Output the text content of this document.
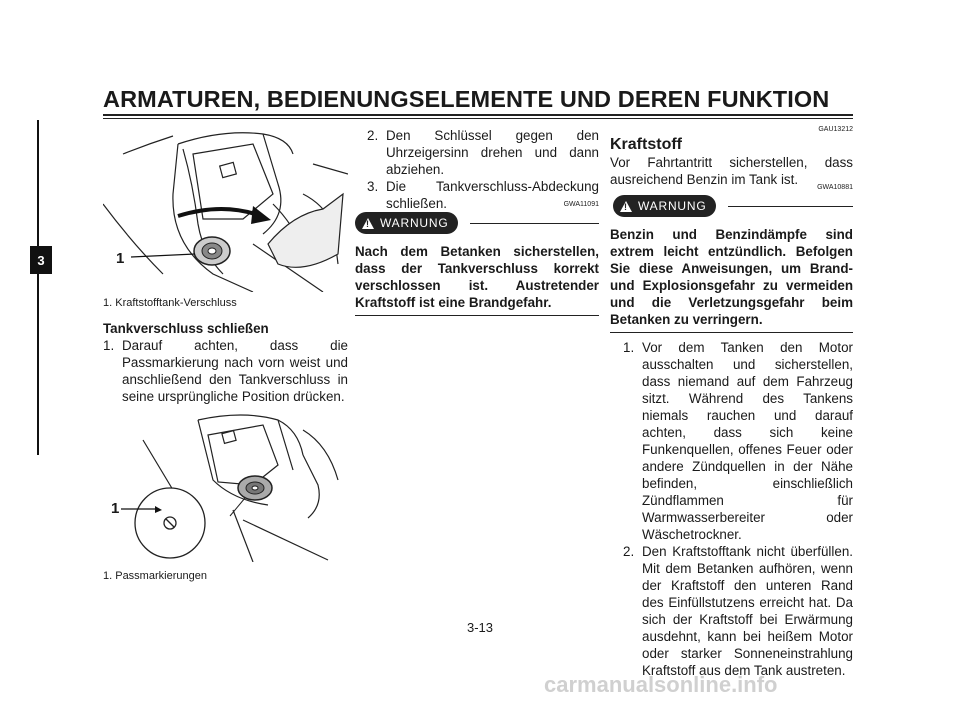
ARMATUREN, BEDIENUNGSELEMENTE UND DEREN FUNKTION
3	1
1. Kraftstofftank-Verschluss
Tankverschluss schließen
1. Darauf achten, dass die Passmarkierung nach vorn weist und anschließend den Tankverschluss in seine ursprüngliche Position drücken.
1
1. Passmarkierungen
2. Den Schlüssel gegen den Uhrzeigersinn drehen und dann abziehen.
3. Die Tankverschluss-Abdeckung schließen.	GWA11091
! WARNUNG
Nach dem Betanken sicherstellen, dass der Tankverschluss korrekt verschlossen ist. Austretender Kraftstoff ist eine Brandgefahr.
GAU13212
Kraftstoff
Vor Fahrtantritt sicherstellen, dass ausreichend Benzin im Tank ist.
GWA10881
! WARNUNG
Benzin und Benzindämpfe sind extrem leicht entzündlich. Befolgen Sie diese Anweisungen, um Brand- und Explosionsgefahr zu vermeiden und die Verletzungsgefahr beim Betanken zu verringern.
1. Vor dem Tanken den Motor ausschalten und sicherstellen, dass niemand auf dem Fahrzeug sitzt. Während des Tankens niemals rauchen und darauf achten, dass sich keine Funkenquellen, offenes Feuer oder andere Zündquellen in der Nähe befinden, einschließlich Zündflammen für Warmwasserbereiter oder Wäschetrockner.
2. Den Kraftstofftank nicht überfüllen. Mit dem Betanken aufhören, wenn der Kraftstoff den unteren Rand des Einfüllstutzens erreicht hat. Da sich der Kraftstoff bei Erwärmung ausdehnt, kann bei heißem Motor oder starker Sonneneinstrahlung Kraftstoff aus dem Tank austreten.
3-13
carmanualsonline.info
